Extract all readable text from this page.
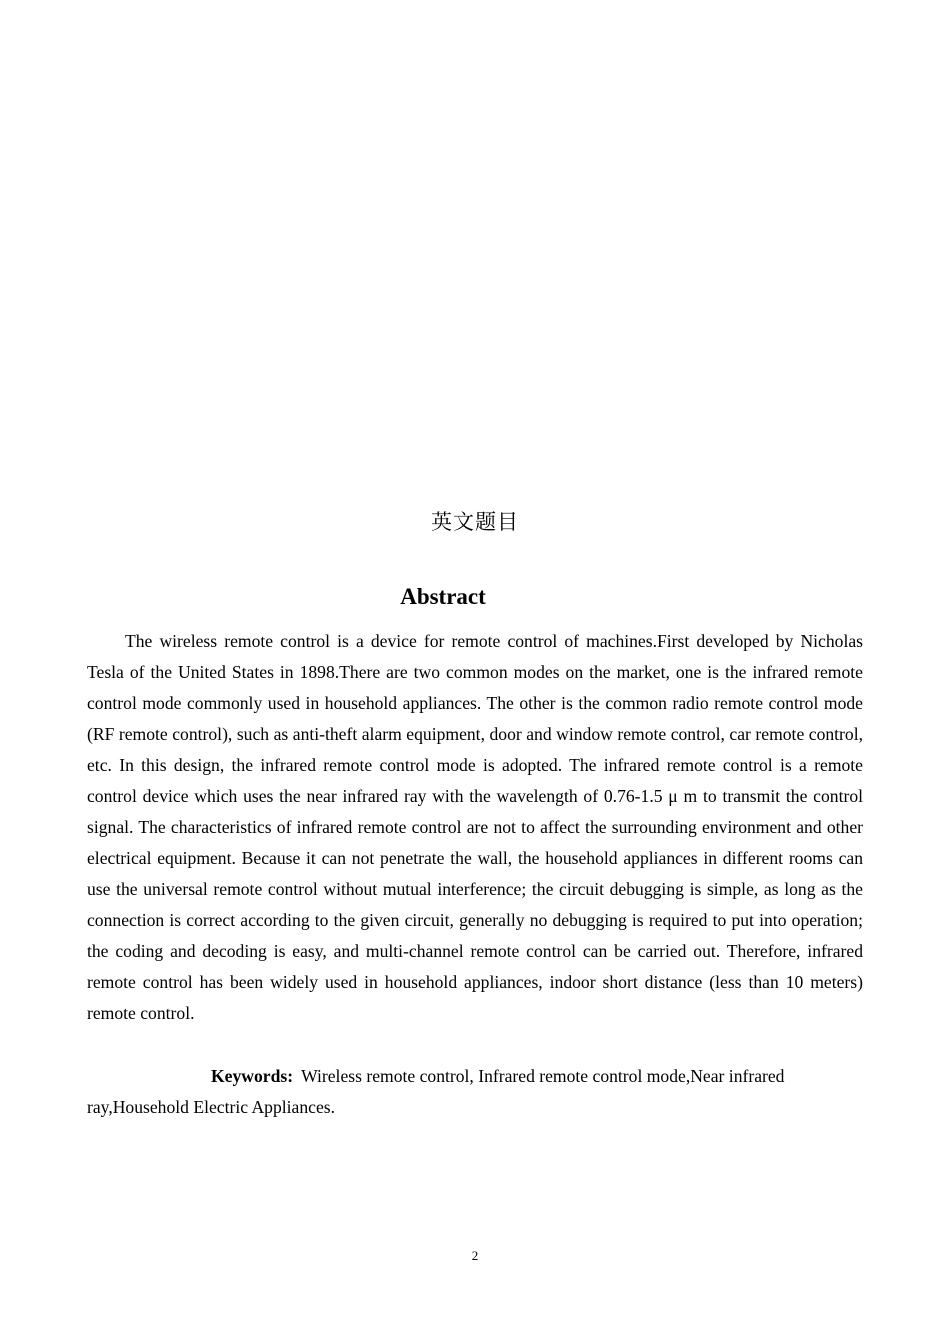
英文题目
Abstract

The wireless remote control is a device for remote control of machines.First developed by Nicholas Tesla of the United States in 1898.There are two common modes on the market, one is the infrared remote control mode commonly used in household appliances. The other is the common radio remote control mode (RF remote control), such as anti-theft alarm equipment, door and window remote control, car remote control, etc. In this design, the infrared remote control mode is adopted. The infrared remote control is a remote control device which uses the near infrared ray with the wavelength of 0.76-1.5 μ m to transmit the control signal. The characteristics of infrared remote control are not to affect the surrounding environment and other electrical equipment. Because it can not penetrate the wall, the household appliances in different rooms can use the universal remote control without mutual interference; the circuit debugging is simple, as long as the connection is correct according to the given circuit, generally no debugging is required to put into operation; the coding and decoding is easy, and multi-channel remote control can be carried out. Therefore, infrared remote control has been widely used in household appliances, indoor short distance (less than 10 meters) remote control.

Keywords: Wireless remote control, Infrared remote control mode,Near infrared ray,Household Electric Appliances.

2
